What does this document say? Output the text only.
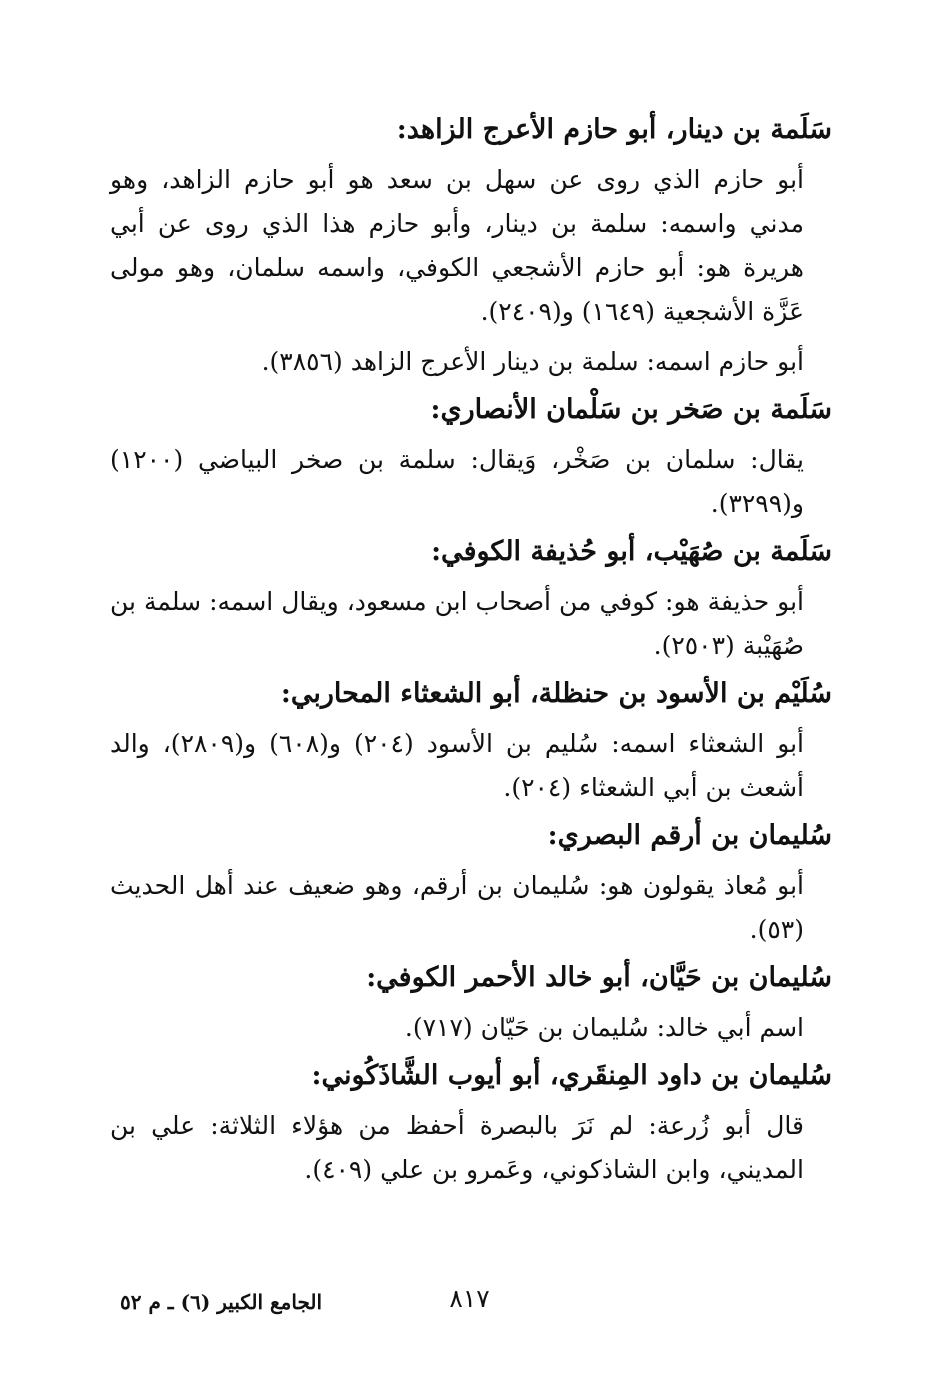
سَلَمة بن دينار، أبو حازم الأعرج الزاهد:

أبو حازم الذي روى عن سهل بن سعد هو أبو حازم الزاهد، وهو مدني واسمه: سلمة بن دينار، وأبو حازم هذا الذي روى عن أبي هريرة هو: أبو حازم الأشجعي الكوفي، واسمه سلمان، وهو مولى عَزَّة الأشجعية (١٦٤٩) و(٢٤٠٩).

أبو حازم اسمه: سلمة بن دينار الأعرج الزاهد (٣٨٥٦).

سَلَمة بن صَخر بن سَلْمان الأنصاري:

يقال: سلمان بن صَخْر، وَيقال: سلمة بن صخر البياضي (١٢٠٠) و(٣٢٩٩).

سَلَمة بن صُهَيْب، أبو حُذيفة الكوفي:

أبو حذيفة هو: كوفي من أصحاب ابن مسعود، ويقال اسمه: سلمة بن صُهَيْبة (٢٥٠٣).

سُلَيْم بن الأسود بن حنظلة، أبو الشعثاء المحاربي:

أبو الشعثاء اسمه: سُليم بن الأسود (٢٠٤) و(٦٠٨) و(٢٨٠٩)، والد أشعث بن أبي الشعثاء (٢٠٤).

سُليمان بن أرقم البصري:

أبو مُعاذ يقولون هو: سُليمان بن أرقم، وهو ضعيف عند أهل الحديث (٥٣).

سُليمان بن حَيَّان، أبو خالد الأحمر الكوفي:

اسم أبي خالد: سُليمان بن حَيّان (٧١٧).

سُليمان بن داود المِنقَري، أبو أيوب الشَّاذَكُوني:

قال أبو زُرعة: لم نَرَ بالبصرة أحفظ من هؤلاء الثلاثة: علي بن المديني، وابن الشاذكوني، وعَمرو بن علي (٤٠٩).

٨١٧
الجامع الكبير (٦) ـ م ٥٢
